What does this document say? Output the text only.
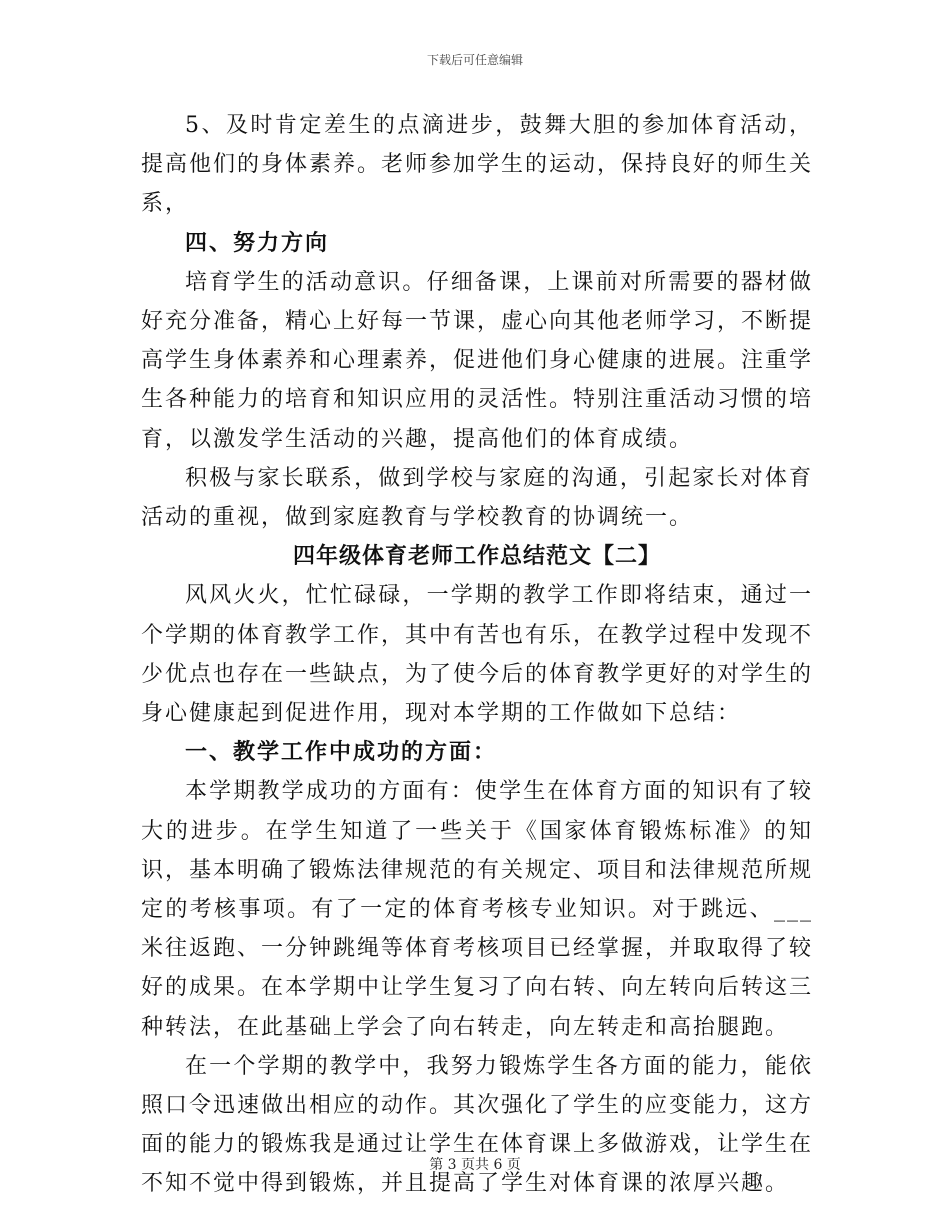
下载后可任意编辑

5、及时肯定差生的点滴进步，鼓舞大胆的参加体育活动，提高他们的身体素养。老师参加学生的运动，保持良好的师生关系，

四、努力方向

培育学生的活动意识。仔细备课，上课前对所需要的器材做好充分准备，精心上好每一节课，虚心向其他老师学习，不断提高学生身体素养和心理素养，促进他们身心健康的进展。注重学生各种能力的培育和知识应用的灵活性。特别注重活动习惯的培育，以激发学生活动的兴趣，提高他们的体育成绩。

积极与家长联系，做到学校与家庭的沟通，引起家长对体育活动的重视，做到家庭教育与学校教育的协调统一。

四年级体育老师工作总结范文【二】

风风火火，忙忙碌碌，一学期的教学工作即将结束，通过一个学期的体育教学工作，其中有苦也有乐，在教学过程中发现不少优点也存在一些缺点，为了使今后的体育教学更好的对学生的身心健康起到促进作用，现对本学期的工作做如下总结：

一、教学工作中成功的方面：

本学期教学成功的方面有：使学生在体育方面的知识有了较大的进步。在学生知道了一些关于《国家体育锻炼标准》的知识，基本明确了锻炼法律规范的有关规定、项目和法律规范所规定的考核事项。有了一定的体育考核专业知识。对于跳远、___米往返跑、一分钟跳绳等体育考核项目已经掌握，并取取得了较好的成果。在本学期中让学生复习了向右转、向左转向后转这三种转法，在此基础上学会了向右转走，向左转走和高抬腿跑。

在一个学期的教学中，我努力锻炼学生各方面的能力，能依照口令迅速做出相应的动作。其次强化了学生的应变能力，这方面的能力的锻炼我是通过让学生在体育课上多做游戏，让学生在不知不觉中得到锻炼，并且提高了学生对体育课的浓厚兴趣。

第 3 页共 6 页
